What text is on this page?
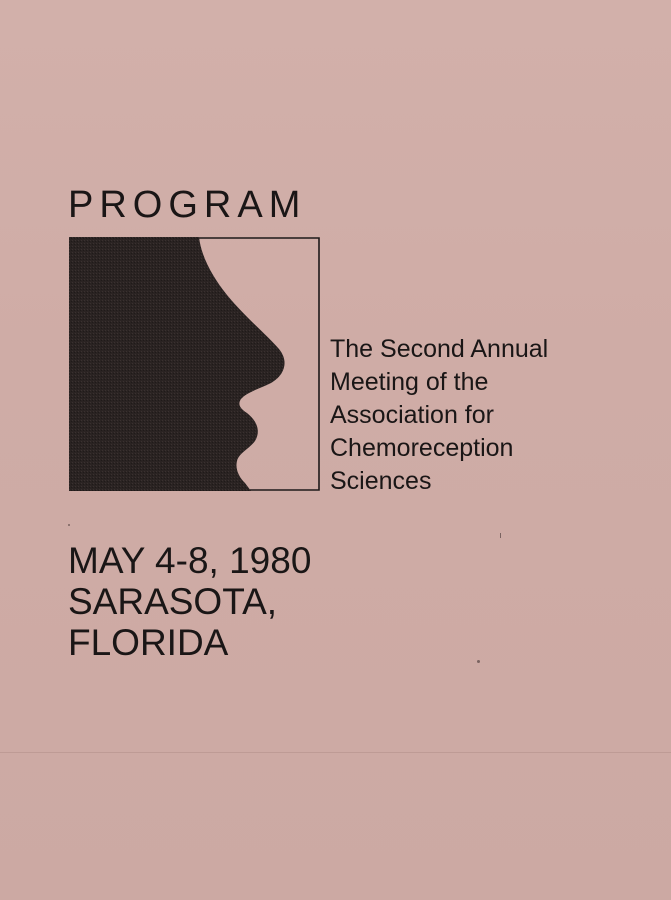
PROGRAM
The Second Annual
Meeting of the
Association for
Chemoreception
Sciences
MAY 4-8, 1980
SARASOTA,
FLORIDA
